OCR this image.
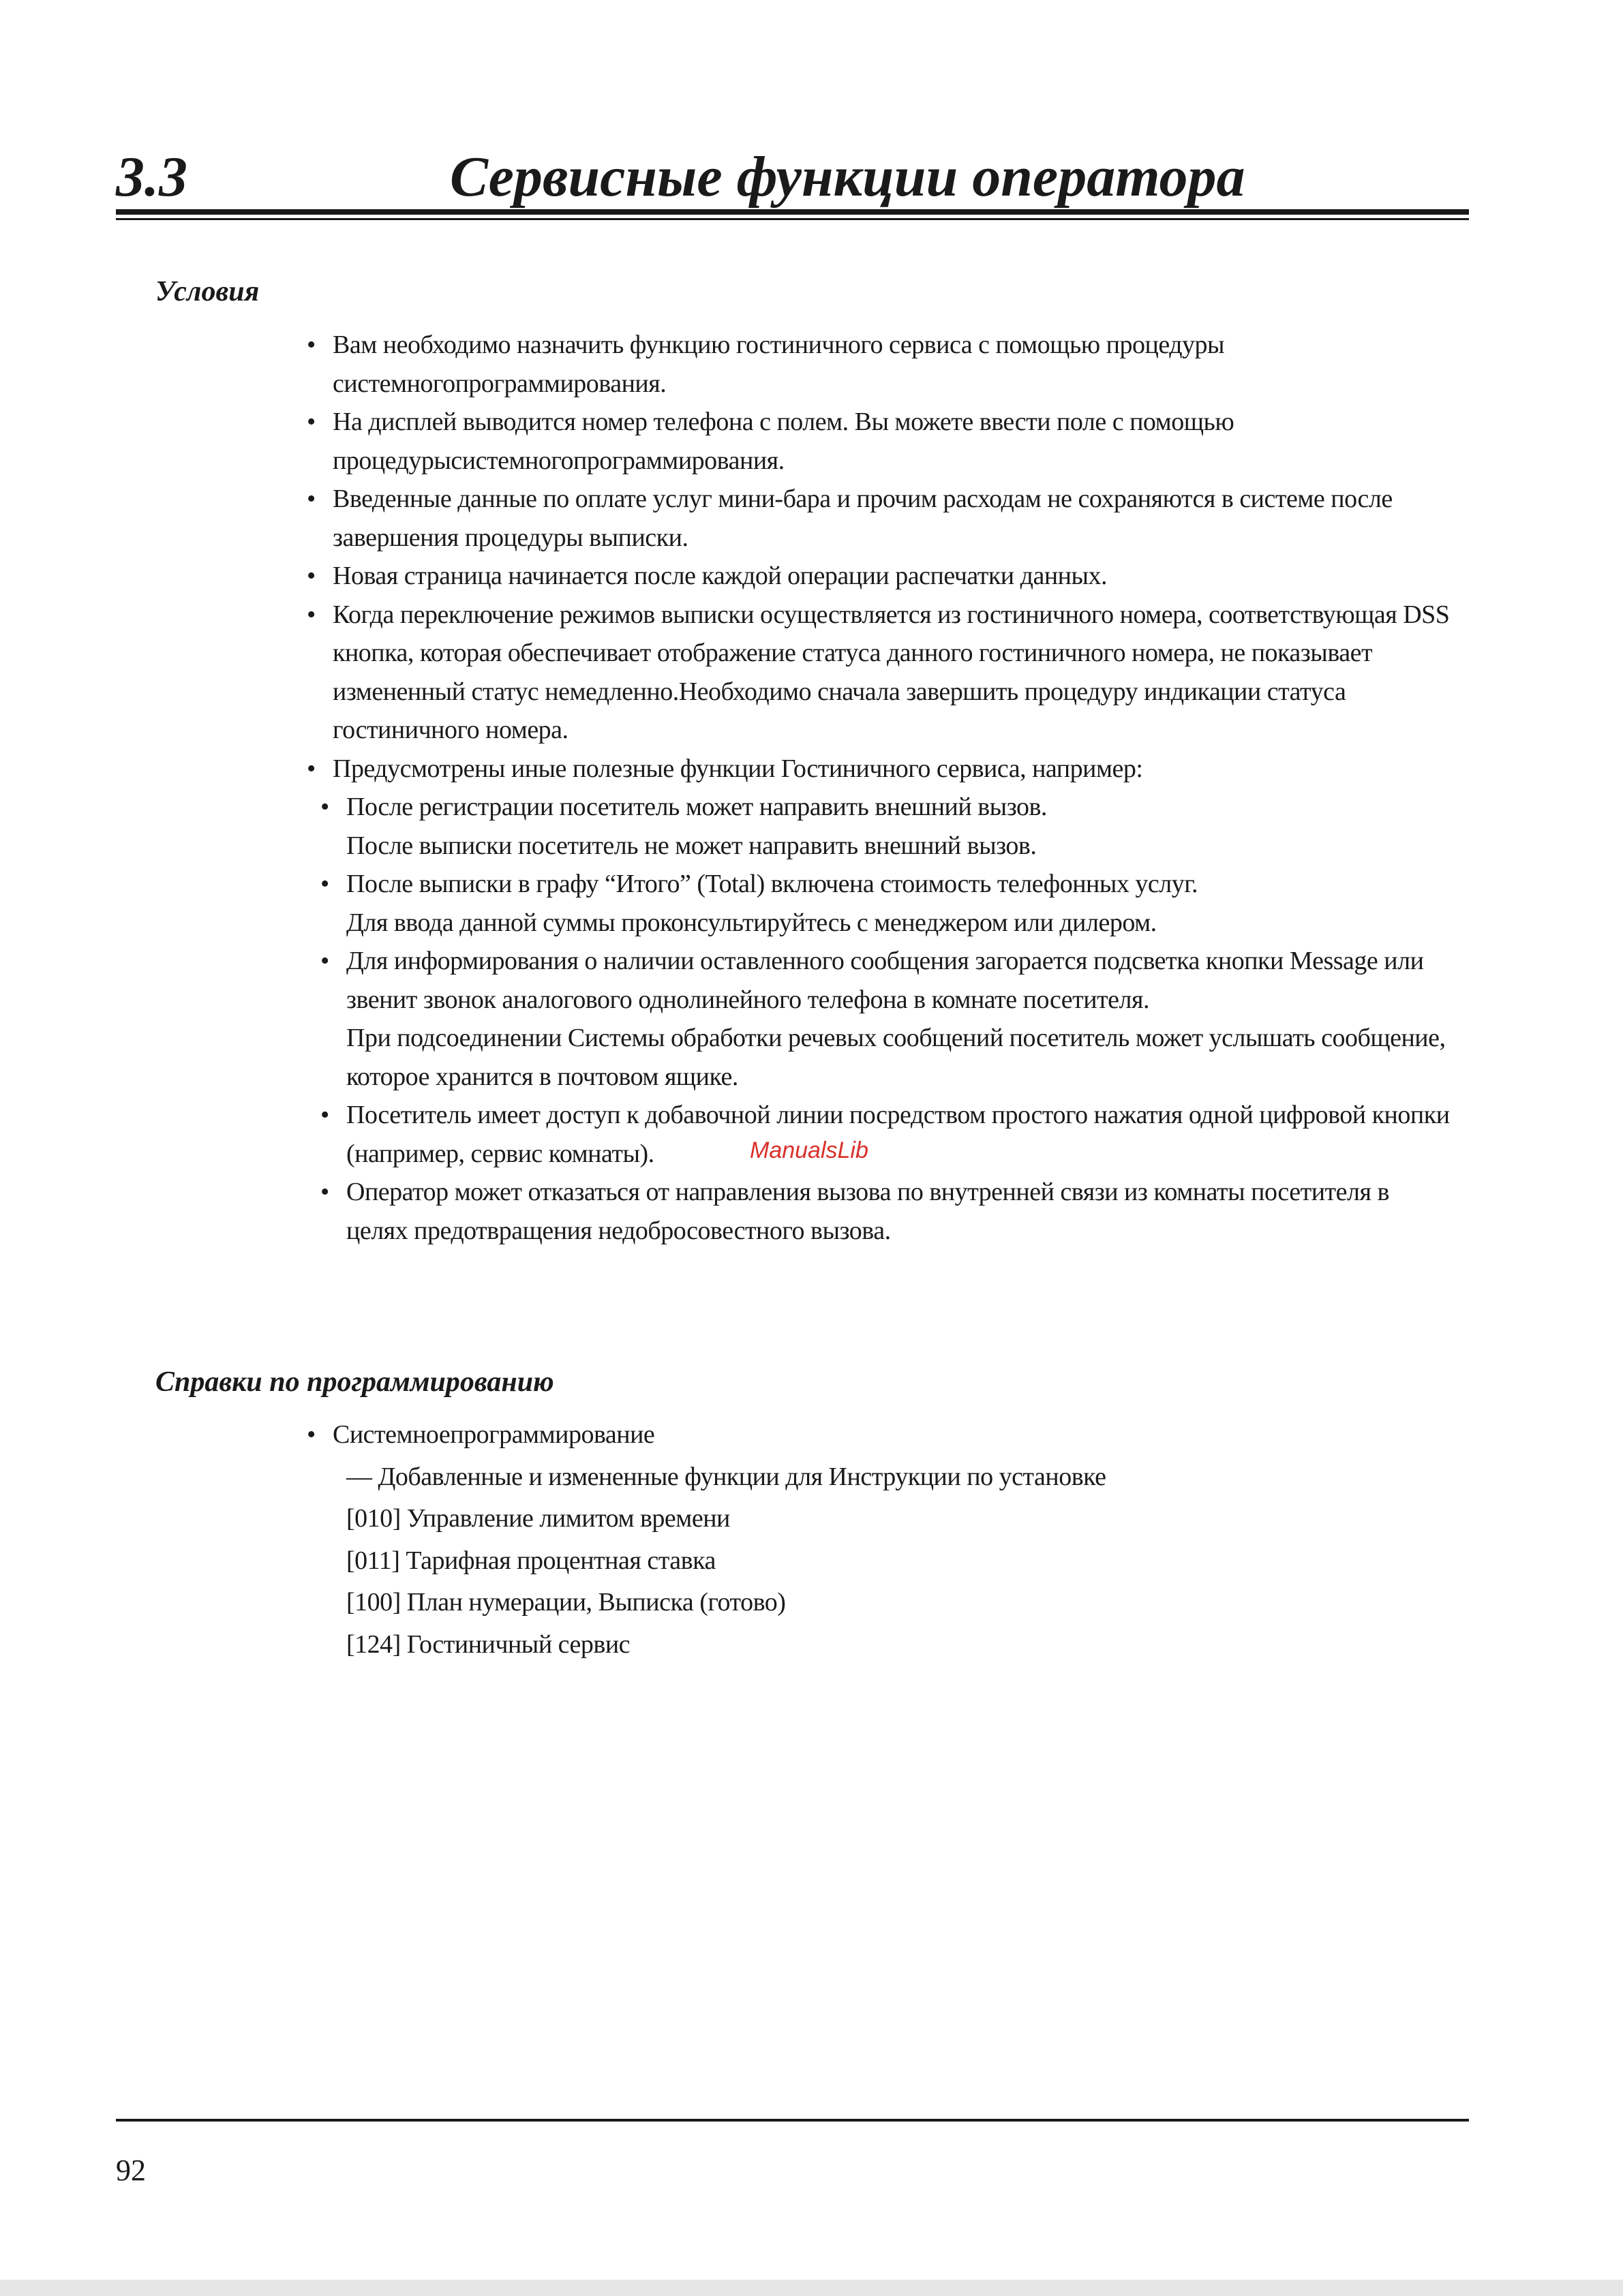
3.3	Сервисные функции оператора
Условия
• Вам необходимо назначить функцию гостиничного сервиса с помощью процедуры системногопрограммирования.
• На дисплей выводится номер телефона с полем. Вы можете ввести поле с помощью процедурысистемногопрограммирования.
• Введенные данные по оплате услуг мини-бара и прочим расходам не сохраняются в системе после завершения процедуры выписки.
• Новая страница начинается после каждой операции распечатки данных.
• Когда переключение режимов выписки осуществляется из гостиничного номера, соответствующая DSS кнопка, которая обеспечивает отображение статуса данного гостиничного номера, не показывает измененный статус немедленно.Необходимо сначала завершить процедуру индикации статуса гостиничного номера.
• Предусмотрены иные полезные функции Гостиничного сервиса, например:
• После регистрации посетитель может направить внешний вызов.
После выписки посетитель не может направить внешний вызов.
• После выписки в графу “Итого” (Total) включена стоимость телефонных услуг.
Для ввода данной суммы проконсультируйтесь с менеджером или дилером.
• Для информирования о наличии оставленного сообщения загорается подсветка кнопки Message или звенит звонок аналогового однолинейного телефона в комнате посетителя.
При подсоединении Системы обработки речевых сообщений посетитель может услышать сообщение, которое хранится в почтовом ящике.
• Посетитель имеет доступ к добавочной линии посредством простого нажатия одной цифровой кнопки (например, сервис комнаты).
• Оператор может отказаться от направления вызова по внутренней связи из комнаты посетителя в целях предотвращения недобросовестного вызова.
ManualsLib
Справки по программированию
• Системноепрограммирование
— Добавленные и измененные функции для Инструкции по установке
[010] Управление лимитом времени
[011] Тарифная процентная ставка
[100] План нумерации, Выписка (готово)
[124] Гостиничный сервис
92
